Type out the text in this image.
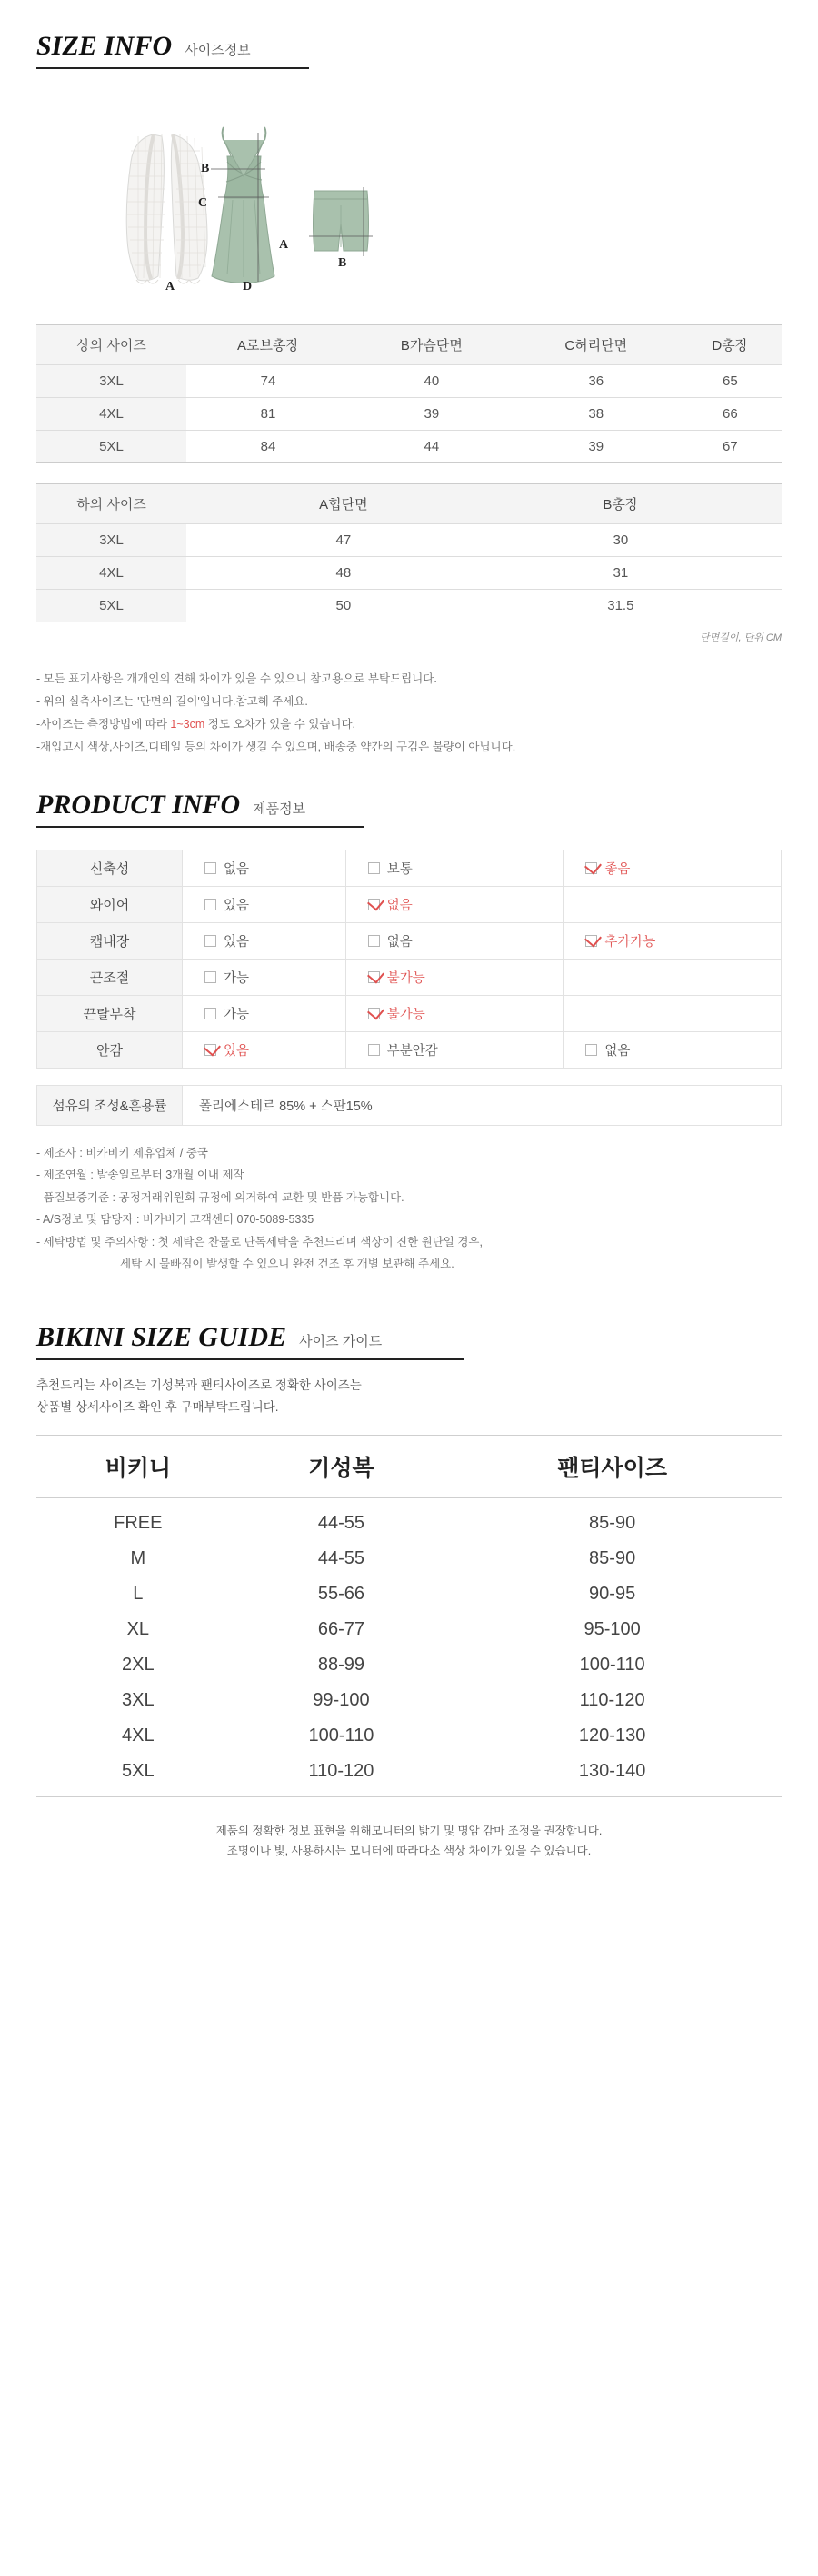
SIZE INFO 사이즈정보
A
B
C
D
A
B
상의 사이즈	A로브총장	B가슴단면	C허리단면	D총장
3XL	74	40	36	65
4XL	81	39	38	66
5XL	84	44	39	67
하의 사이즈	A힙단면	B총장	
3XL	47	30	
4XL	48	31	
5XL	50	31.5	
단면길이, 단위 CM
- 모든 표기사항은 개개인의 견해 차이가 있을 수 있으니 참고용으로 부탁드립니다.
- 위의 실측사이즈는 '단면의 길이'입니다.참고해 주세요.
-사이즈는 측정방법에 따라 1~3cm 정도 오차가 있을 수 있습니다.
-재입고시 색상,사이즈,디테일 등의 차이가 생길 수 있으며, 배송중 약간의 구김은 불량이 아닙니다.
PRODUCT INFO 제품정보
신축성	없음	보통	좋음

와이어	있음	없음	

캡내장	있음	없음	추가가능

끈조절	가능	불가능	

끈탈부착	가능	불가능	

안감	있음	부분안감	없음
섬유의 조성&혼용률	폴리에스테르 85% + 스판15%
- 제조사 : 비카비키 제휴업체 / 중국
- 제조연월 : 발송일로부터 3개월 이내 제작
- 품질보증기준 : 공정거래위원회 규정에 의거하여 교환 및 반품 가능합니다.
- A/S정보 및 담당자 : 비카비키 고객센터 070-5089-5335
- 세탁방법 및 주의사항 : 첫 세탁은 찬물로 단독세탁을 추천드리며 색상이 진한 원단일 경우,
세탁 시 물빠짐이 발생할 수 있으니 완전 건조 후 개별 보관해 주세요.
BIKINI SIZE GUIDE 사이즈 가이드
추천드리는 사이즈는 기성복과 팬티사이즈로 정확한 사이즈는
상품별 상세사이즈 확인 후 구매부탁드립니다.
비키니	기성복	팬티사이즈
FREE	44-55	85-90
M	44-55	85-90
L	55-66	90-95
XL	66-77	95-100
2XL	88-99	100-110
3XL	99-100	110-120
4XL	100-110	120-130
5XL	110-120	130-140
제품의 정확한 정보 표현을 위해모니터의 밝기 및 명암 감마 조정을 권장합니다.
조명이나 빛, 사용하시는 모니터에 따라다소 색상 차이가 있을 수 있습니다.
